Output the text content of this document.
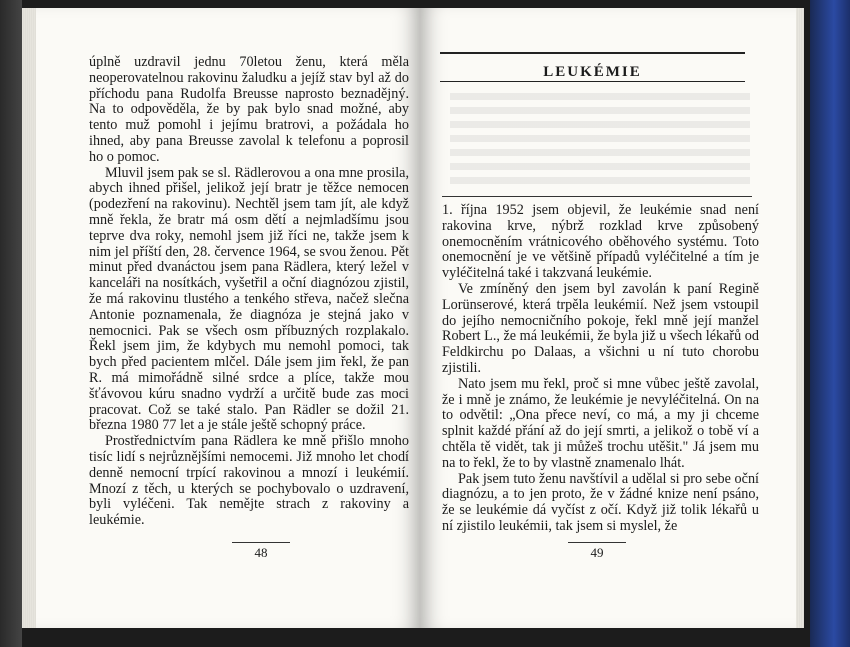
úplně uzdravil jednu 70letou ženu, která měla neoperovatelnou rakovinu žaludku a jejíž stav byl až do příchodu pana Rudolfa Breusse naprosto beznadějný. Na to odpověděla, že by pak bylo snad možné, aby tento muž pomohl i jejímu bratrovi, a požádala ho ihned, aby pana Breusse zavolal k telefonu a poprosil ho o pomoc.

Mluvil jsem pak se sl. Rädlerovou a ona mne prosila, abych ihned přišel, jelikož její bratr je těžce nemocen (podezření na rakovinu). Nechtěl jsem tam jít, ale když mně řekla, že bratr má osm dětí a nejmladšímu jsou teprve dva roky, nemohl jsem již říci ne, takže jsem k nim jel příští den, 28. července 1964, se svou ženou. Pět minut před dvanáctou jsem pana Rädlera, který ležel v kanceláři na nosítkách, vyšetřil a oční diagnózou zjistil, že má rakovinu tlustého a tenkého střeva, načež slečna Antonie poznamenala, že diagnóza je stejná jako v nemocnici. Pak se všech osm příbuzných rozplakalo. Řekl jsem jim, že kdybych mu nemohl pomoci, tak bych před pacientem mlčel. Dále jsem jim řekl, že pan R. má mimořádně silné srdce a plíce, takže mou šťávovou kúru snadno vydrží a určitě bude zas moci pracovat. Což se také stalo. Pan Rädler se dožil 21. března 1980 77 let a je stále ještě schopný práce.

Prostřednictvím pana Rädlera ke mně přišlo mnoho tisíc lidí s nejrůznějšími nemocemi. Již mnoho let chodí denně nemocní trpící rakovinou a mnozí i leukémií. Mnozí z těch, u kterých se pochybovalo o uzdravení, byli vyléčeni. Tak nemějte strach z rakoviny a leukémie.

48
LEUKÉMIE

1. října 1952 jsem objevil, že leukémie snad není rakovina krve, nýbrž rozklad krve způsobený onemocněním vrátnicového oběhového systému. Toto onemocnění je ve většině případů vyléčitelné a tím je vyléčitelná také i takzvaná leukémie.

Ve zmíněný den jsem byl zavolán k paní Regině Lorünserové, která trpěla leukémií. Než jsem vstoupil do jejího nemocničního pokoje, řekl mně její manžel Robert L., že má leukémii, že byla již u všech lékařů od Feldkirchu po Dalaas, a všichni u ní tuto chorobu zjistili.

Nato jsem mu řekl, proč si mne vůbec ještě zavolal, že i mně je známo, že leukémie je nevyléčitelná. On na to odvětil: „Ona přece neví, co má, a my ji chceme splnit každé přání až do její smrti, a jelikož o tobě ví a chtěla tě vidět, tak ji můžeš trochu utěšit." Já jsem mu na to řekl, že to by vlastně znamenalo lhát.

Pak jsem tuto ženu navštívil a udělal si pro sebe oční diagnózu, a to jen proto, že v žádné knize není psáno, že se leukémie dá vyčíst z očí. Když již tolik lékařů u ní zjistilo leukémii, tak jsem si myslel, že

49
